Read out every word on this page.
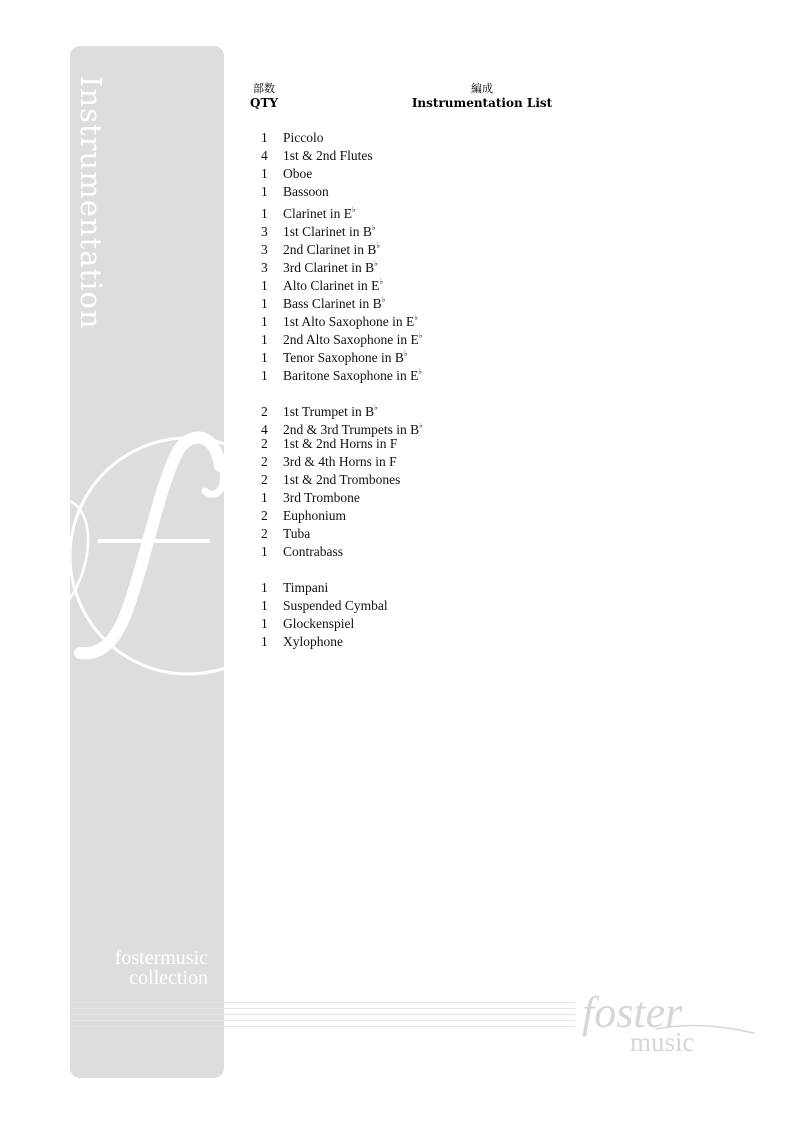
Instrumentation
fostermusic
collection
foster
music
部数
QTY
編成
Instrumentation List
1 Piccolo
4 1st & 2nd Flutes
1 Oboe
1 Bassoon
1 Clarinet in E♭
3 1st Clarinet in B♭
3 2nd Clarinet in B♭
3 3rd Clarinet in B♭
1 Alto Clarinet in E♭
1 Bass Clarinet in B♭
1 1st Alto Saxophone in E♭
1 2nd Alto Saxophone in E♭
1 Tenor Saxophone in B♭
1 Baritone Saxophone in E♭
2 1st Trumpet in B♭
4 2nd & 3rd Trumpets in B♭
2 1st & 2nd Horns in F
2 3rd & 4th Horns in F
2 1st & 2nd Trombones
1 3rd Trombone
2 Euphonium
2 Tuba
1 Contrabass
1 Timpani
1 Suspended Cymbal
1 Glockenspiel
1 Xylophone
